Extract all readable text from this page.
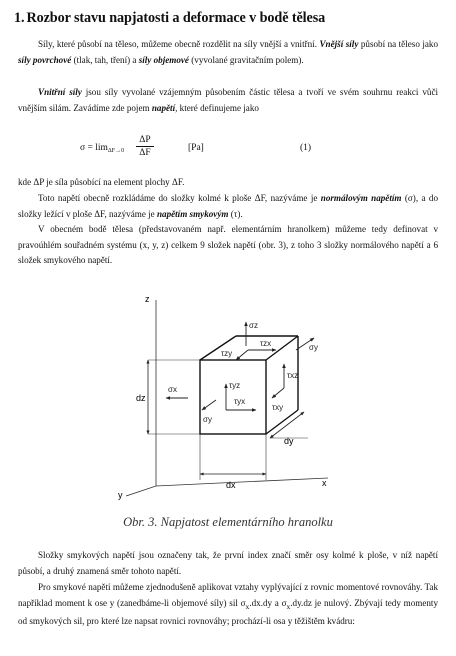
1. Rozbor stavu napjatosti a deformace v bodě tělesa

Síly, které působí na těleso, můžeme obecně rozdělit na síly vnější a vnitřní. Vnější síly působí na těleso jako síly povrchové (tlak, tah, tření) a síly objemové (vyvolané gravitačním polem).

Vnitřní síly jsou síly vyvolané vzájemným působením částic tělesa a tvoří ve svém souhrnu reakci vůči vnějším silám. Zavádíme zde pojem napětí, které definujeme jako

$\sigma = \lim_{\Delta F\to 0} \frac{\Delta P}{\Delta F}$	[Pa]	(1)

kde ΔP je síla působící na element plochy ΔF.

Toto napětí obecně rozkládáme do složky kolmé k ploše ΔF, nazýváme je normálovým napětím (σ), a do složky ležící v ploše ΔF, nazýváme je napětím smykovým (τ).

V obecném bodě tělesa (představovaném např. elementárním hranolkem) můžeme tedy definovat v pravoúhlém souřadném systému (x, y, z) celkem 9 složek napětí (obr. 3), z toho 3 složky normálového napětí a 6 složek smykového napětí.

z
x
y
dz
dx
dy
σz
σy
σx
σy
τzx
τzy
τxz
τxy
τyz
τyx

Obr. 3. Napjatost elementárního hranolku

Složky smykových napětí jsou označeny tak, že první index značí směr osy kolmé k ploše, v níž napětí působí, a druhý znamená směr tohoto napětí.

Pro smykové napětí můžeme zjednodušeně aplikovat vztahy vyplývající z rovnic momentové rovnováhy. Tak například moment k ose y (zanedbáme-li objemové síly) sil $\sigma_x.dx.dy$ a $\sigma_x.dy.dz$ je nulový. Zbývají tedy momenty od smykových sil, pro které lze napsat rovnici rovnováhy; prochází-li osa y těžištěm kvádru:
